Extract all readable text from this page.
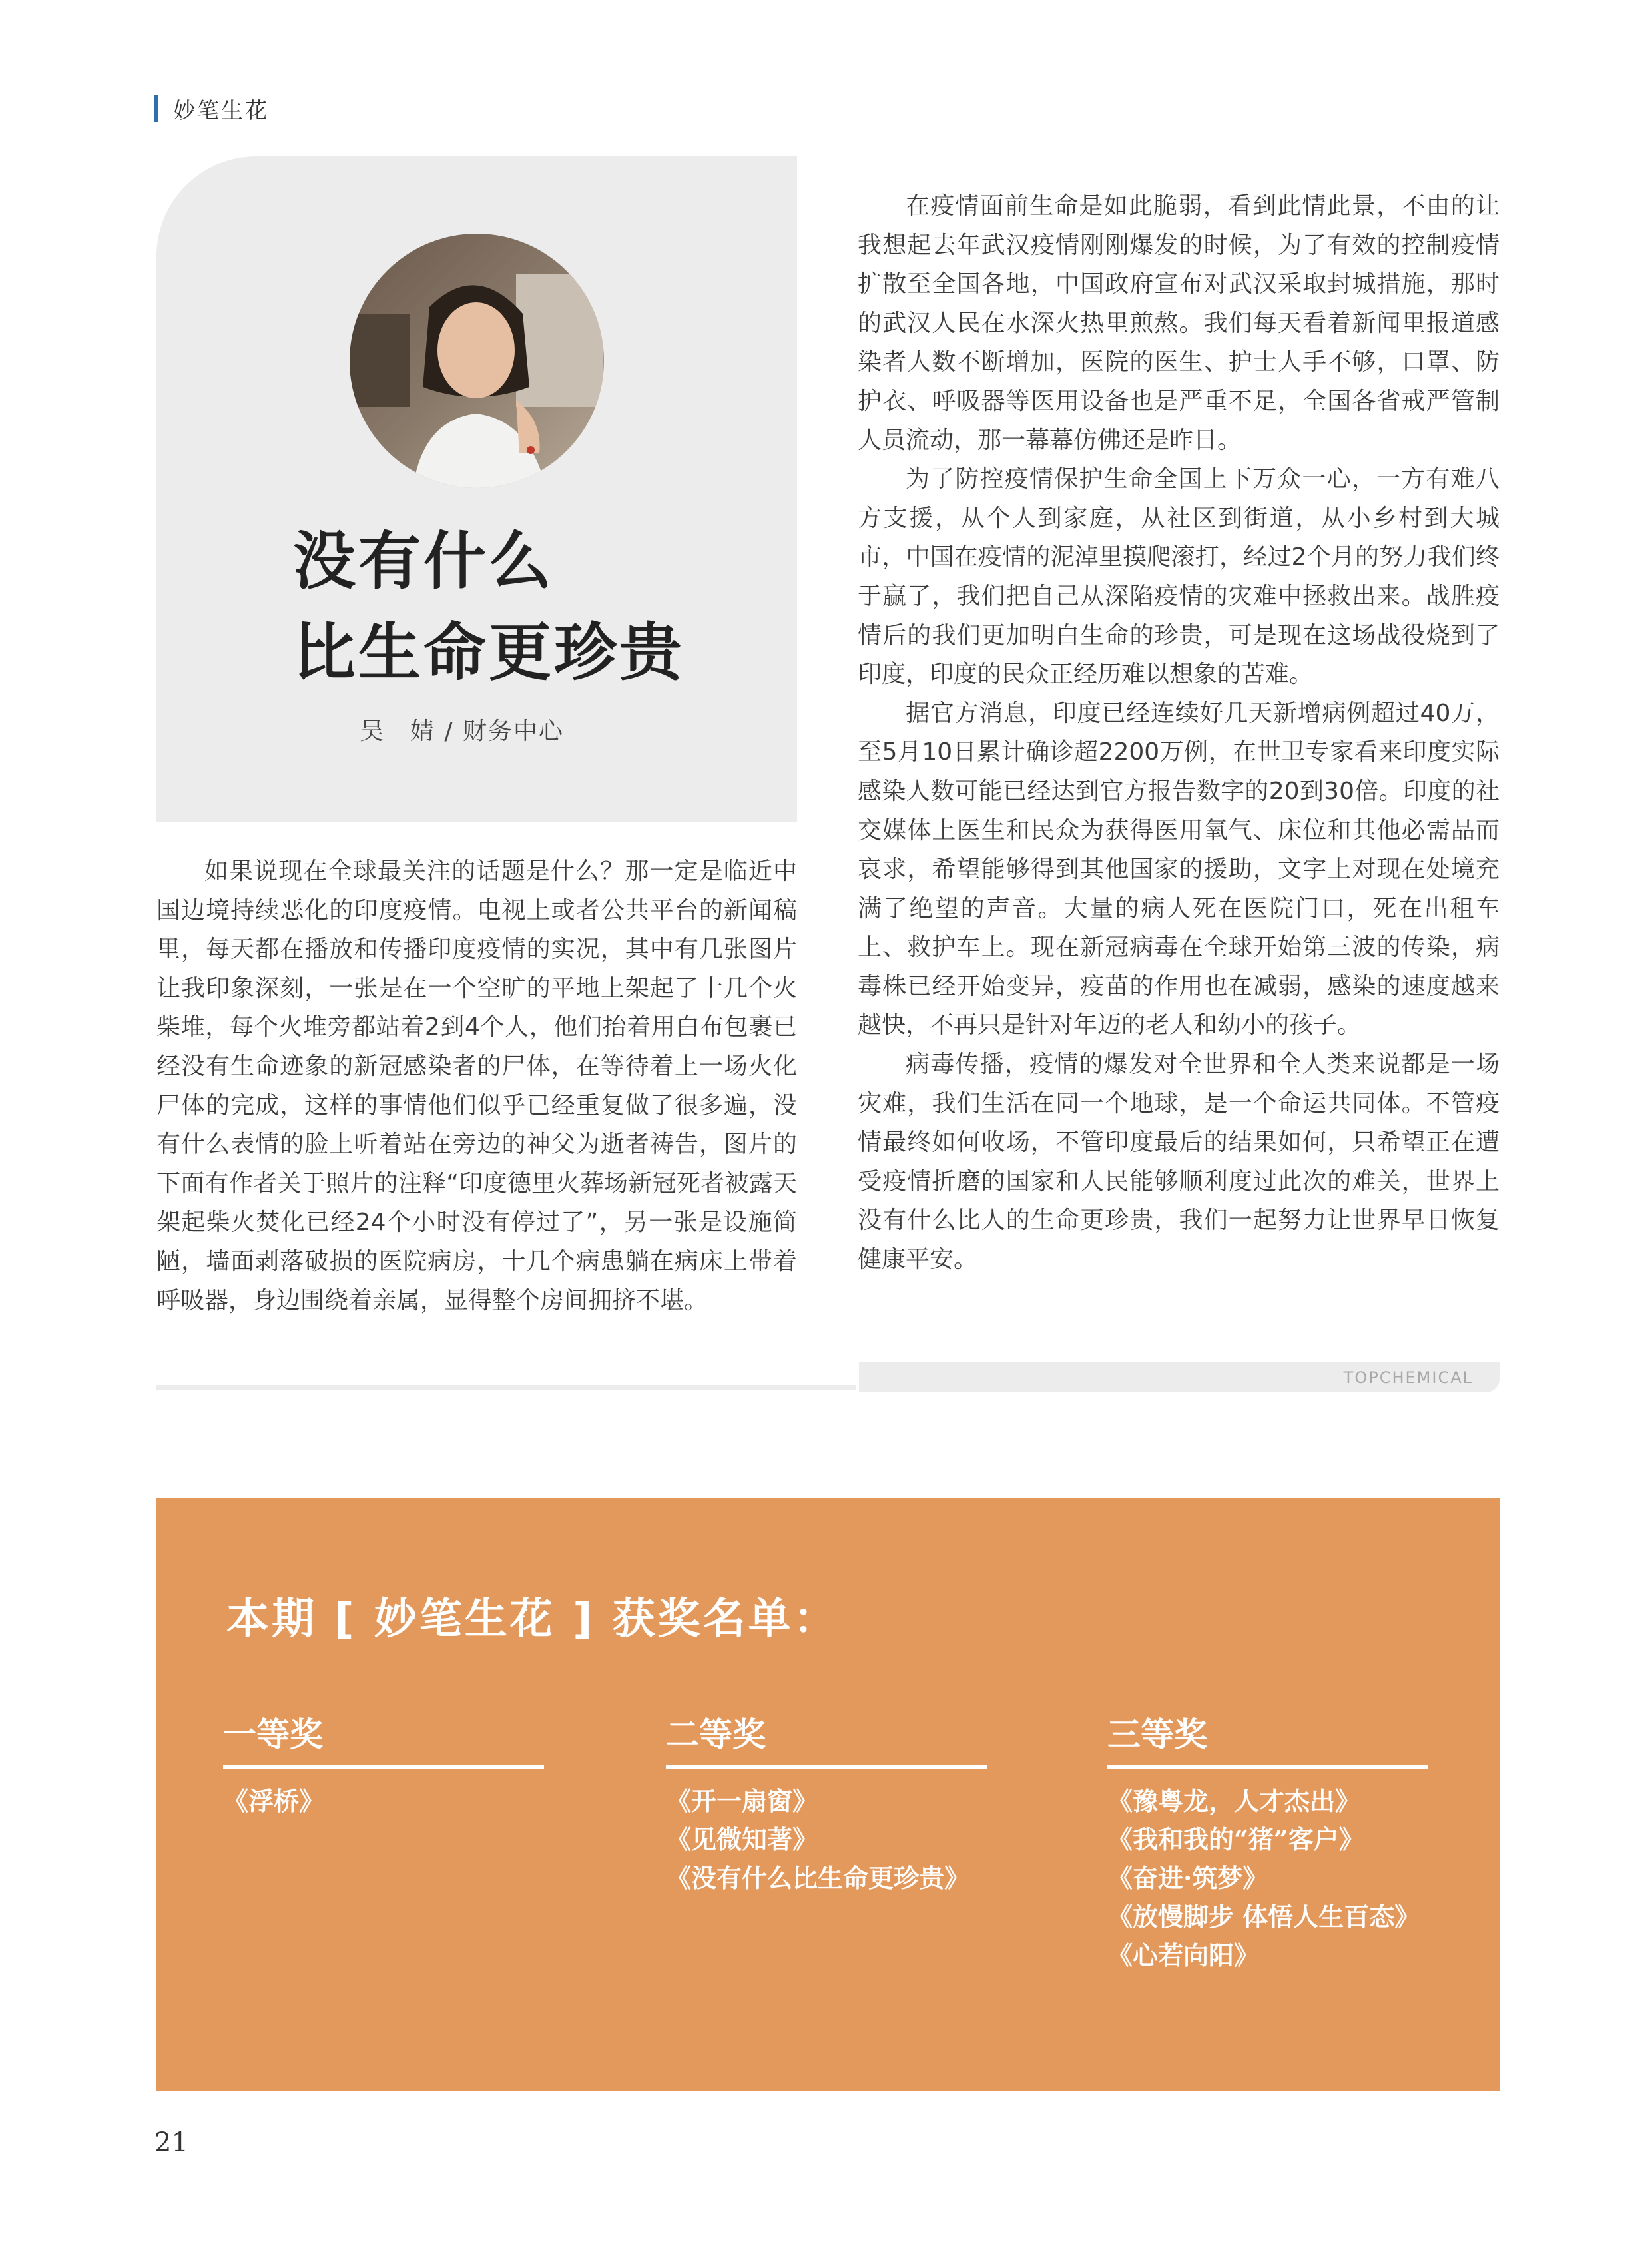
妙笔生花
没有什么
比生命更珍贵
吴　婧 / 财务中心

如果说现在全球最关注的话题是什么？那一定是临近中国边境持续恶化的印度疫情。电视上或者公共平台的新闻稿里，每天都在播放和传播印度疫情的实况，其中有几张图片让我印象深刻，一张是在一个空旷的平地上架起了十几个火柴堆，每个火堆旁都站着2到4个人，他们抬着用白布包裹已经没有生命迹象的新冠感染者的尸体，在等待着上一场火化尸体的完成，这样的事情他们似乎已经重复做了很多遍，没有什么表情的脸上听着站在旁边的神父为逝者祷告，图片的下面有作者关于照片的注释“印度德里火葬场新冠死者被露天架起柴火焚化已经24个小时没有停过了”，另一张是设施简陋，墙面剥落破损的医院病房，十几个病患躺在病床上带着呼吸器，身边围绕着亲属，显得整个房间拥挤不堪。

在疫情面前生命是如此脆弱，看到此情此景，不由的让我想起去年武汉疫情刚刚爆发的时候，为了有效的控制疫情扩散至全国各地，中国政府宣布对武汉采取封城措施，那时的武汉人民在水深火热里煎熬。我们每天看着新闻里报道感染者人数不断增加，医院的医生、护士人手不够，口罩、防护衣、呼吸器等医用设备也是严重不足，全国各省戒严管制人员流动，那一幕幕仿佛还是昨日。

为了防控疫情保护生命全国上下万众一心，一方有难八方支援，从个人到家庭，从社区到街道，从小乡村到大城市，中国在疫情的泥淖里摸爬滚打，经过2个月的努力我们终于赢了，我们把自己从深陷疫情的灾难中拯救出来。战胜疫情后的我们更加明白生命的珍贵，可是现在这场战役烧到了印度，印度的民众正经历难以想象的苦难。

据官方消息，印度已经连续好几天新增病例超过40万，至5月10日累计确诊超2200万例，在世卫专家看来印度实际感染人数可能已经达到官方报告数字的20到30倍。印度的社交媒体上医生和民众为获得医用氧气、床位和其他必需品而哀求，希望能够得到其他国家的援助，文字上对现在处境充满了绝望的声音。大量的病人死在医院门口，死在出租车上、救护车上。现在新冠病毒在全球开始第三波的传染，病毒株已经开始变异，疫苗的作用也在减弱，感染的速度越来越快，不再只是针对年迈的老人和幼小的孩子。

病毒传播，疫情的爆发对全世界和全人类来说都是一场灾难，我们生活在同一个地球，是一个命运共同体。不管疫情最终如何收场，不管印度最后的结果如何，只希望正在遭受疫情折磨的国家和人民能够顺利度过此次的难关，世界上没有什么比人的生命更珍贵，我们一起努力让世界早日恢复健康平安。

TOPCHEMICAL
本期 [ 妙笔生花 ] 获奖名单：
一等奖
《浮桥》
二等奖
《开一扇窗》
《见微知著》
《没有什么比生命更珍贵》
三等奖
《豫粤龙，人才杰出》
《我和我的“猪”客户》
《奋进·筑梦》
《放慢脚步 体悟人生百态》
《心若向阳》
21
